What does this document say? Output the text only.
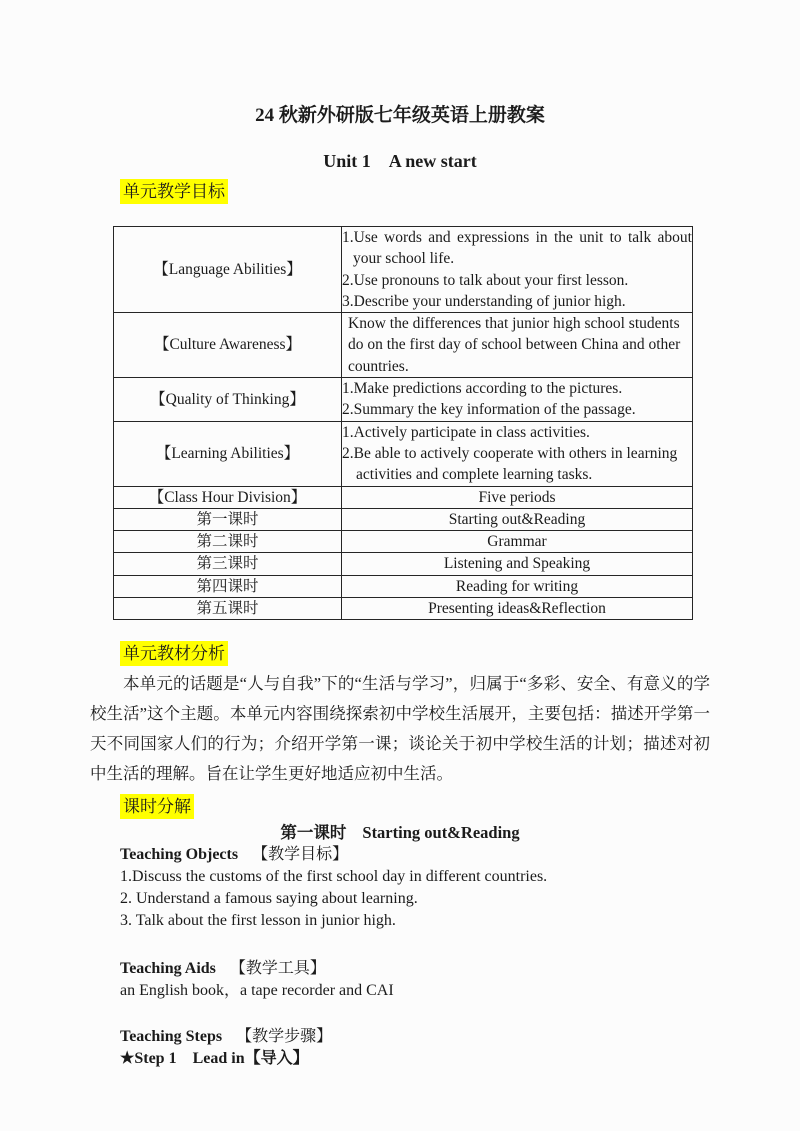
24 秋新外研版七年级英语上册教案

Unit 1　A new start

单元教学目标
【Language Abilities】	1.Use words and expressions in the unit to talk about your school life.
2.Use pronouns to talk about your first lesson.
3.Describe your understanding of junior high.

【Culture Awareness】	Know the differences that junior high school students do on the first day of school between China and other countries.

【Quality of Thinking】	1.Make predictions according to the pictures.
2.Summary the key information of the passage.

【Learning Abilities】	1.Actively participate in class activities.
2.Be able to actively cooperate with others in learning activities and complete learning tasks.

【Class Hour Division】	Five periods
第一课时	Starting out&Reading
第二课时	Grammar
第三课时	Listening and Speaking
第四课时	Reading for writing
第五课时	Presenting ideas&Reflection
单元教材分析

本单元的话题是“人与自我”下的“生活与学习”，归属于“多彩、安全、有意义的学校生活”这个主题。本单元内容围绕探索初中学校生活展开，主要包括：描述开学第一天不同国家人们的行为；介绍开学第一课；谈论关于初中学校生活的计划；描述对初中生活的理解。旨在让学生更好地适应初中生活。

课时分解

第一课时 Starting out&Reading

Teaching Objects 【教学目标】

1.Discuss the customs of the first school day in different countries.

2. Understand a famous saying about learning.

3. Talk about the first lesson in junior high.

Teaching Aids 【教学工具】

an English book，a tape recorder and CAI

Teaching Steps 【教学步骤】

★Step 1　Lead in【导入】
